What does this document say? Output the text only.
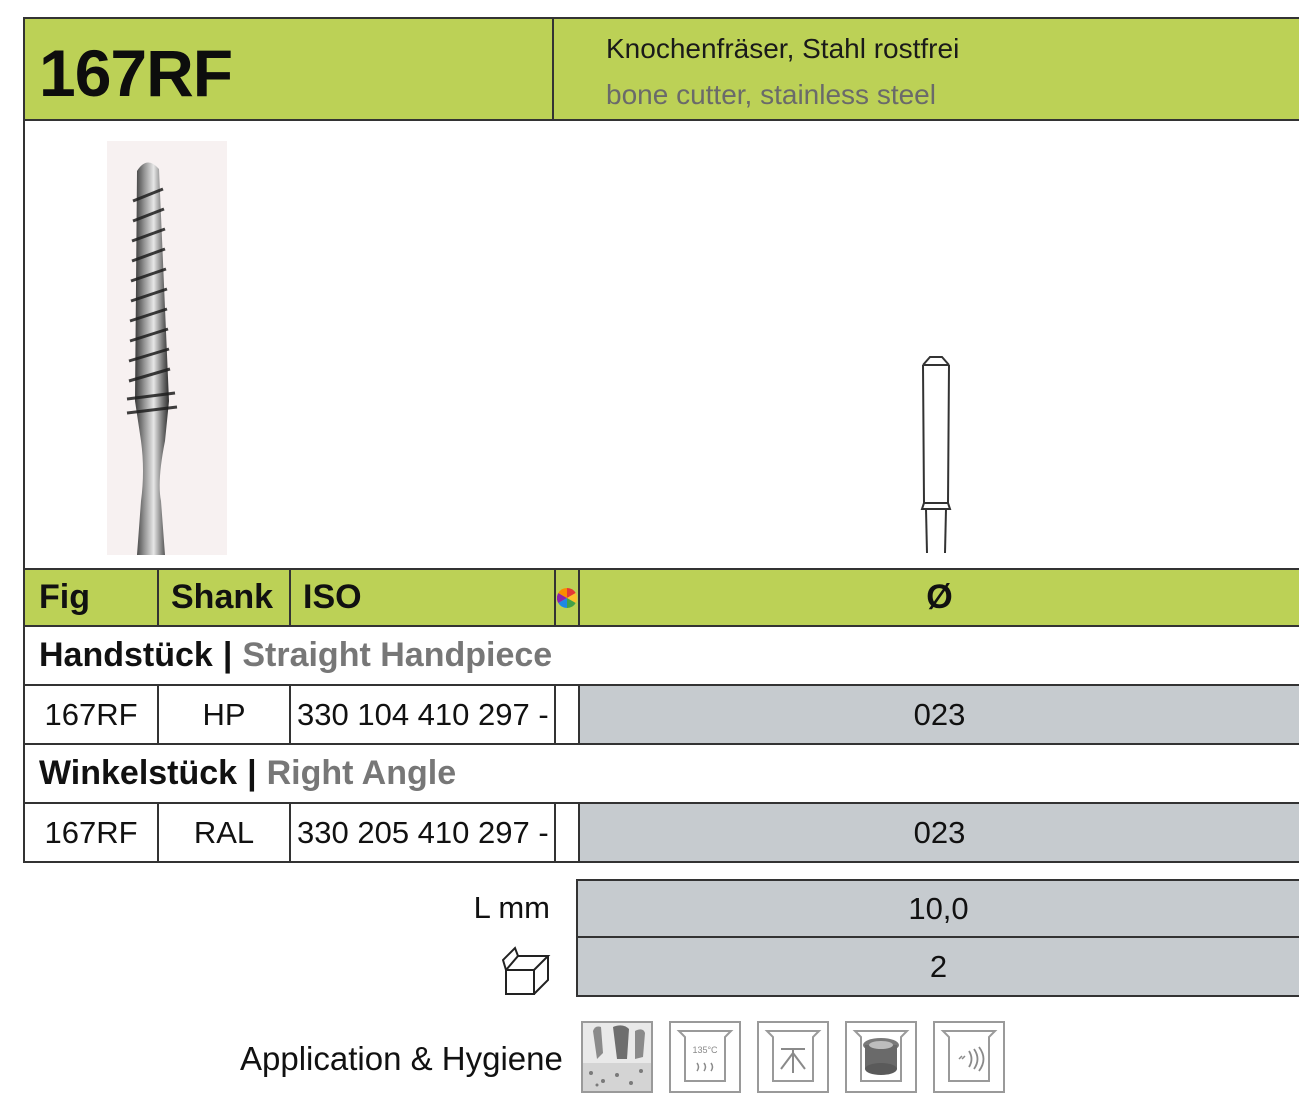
167RF	Knochenfräser, Stahl rostfrei
bone cutter, stainless steel
Fig Shank ISO	Ø
Handstück | Straight Handpiece
167RF HP 330 104 410 297 -	023
Winkelstück | Right Angle
167RF RAL 330 205 410 297 -	023
L mm	10,0
2
Application & Hygiene	135°C
